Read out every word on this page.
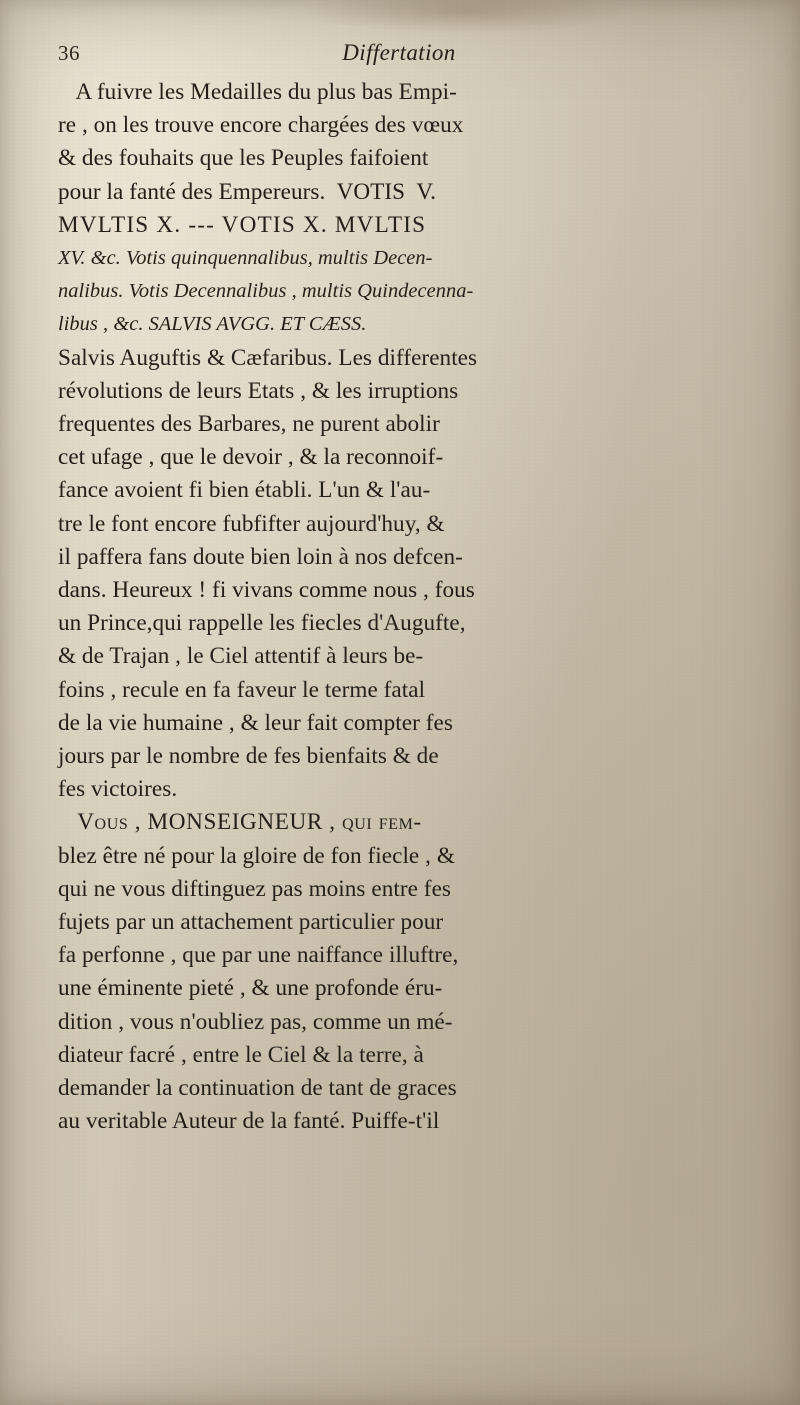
36	Differtation
A fuivre les Medailles du plus bas Empi-
re , on les trouve encore chargées des vœux
& des fouhaits que les Peuples faifoient
pour la fanté des Empereurs.  VOTIS  V.
MVLTIS X. --- VOTIS X. MVLTIS
XV. &c. Votis quinquennalibus, multis Decen-
nalibus. Votis Decennalibus , multis Quindecenna-
libus , &c. SALVIS AVGG. ET CÆSS.
Salvis Auguftis & Cæfaribus. Les differentes
révolutions de leurs Etats , & les irruptions
frequentes des Barbares, ne purent abolir
cet ufage , que le devoir , & la reconnoif-
fance avoient fi bien établi. L'un & l'au-
tre le font encore fubfifter aujourd'huy, &
il paffera fans doute bien loin à nos defcen-
dans. Heureux ! fi vivans comme nous , fous
un Prince,qui rappelle les fiecles d'Augufte,
& de Trajan , le Ciel attentif à leurs be-
foins , recule en fa faveur le terme fatal
de la vie humaine , & leur fait compter fes
jours par le nombre de fes bienfaits & de
fes victoires.
Vous , MONSEIGNEUR , qui fem-
blez être né pour la gloire de fon fiecle , &
qui ne vous diftinguez pas moins entre fes
fujets par un attachement particulier pour
fa perfonne , que par une naiffance illuftre,
une éminente pieté , & une profonde éru-
dition , vous n'oubliez pas, comme un mé-
diateur facré , entre le Ciel & la terre, à
demander la continuation de tant de graces
au veritable Auteur de la fanté. Puiffe-t'il
